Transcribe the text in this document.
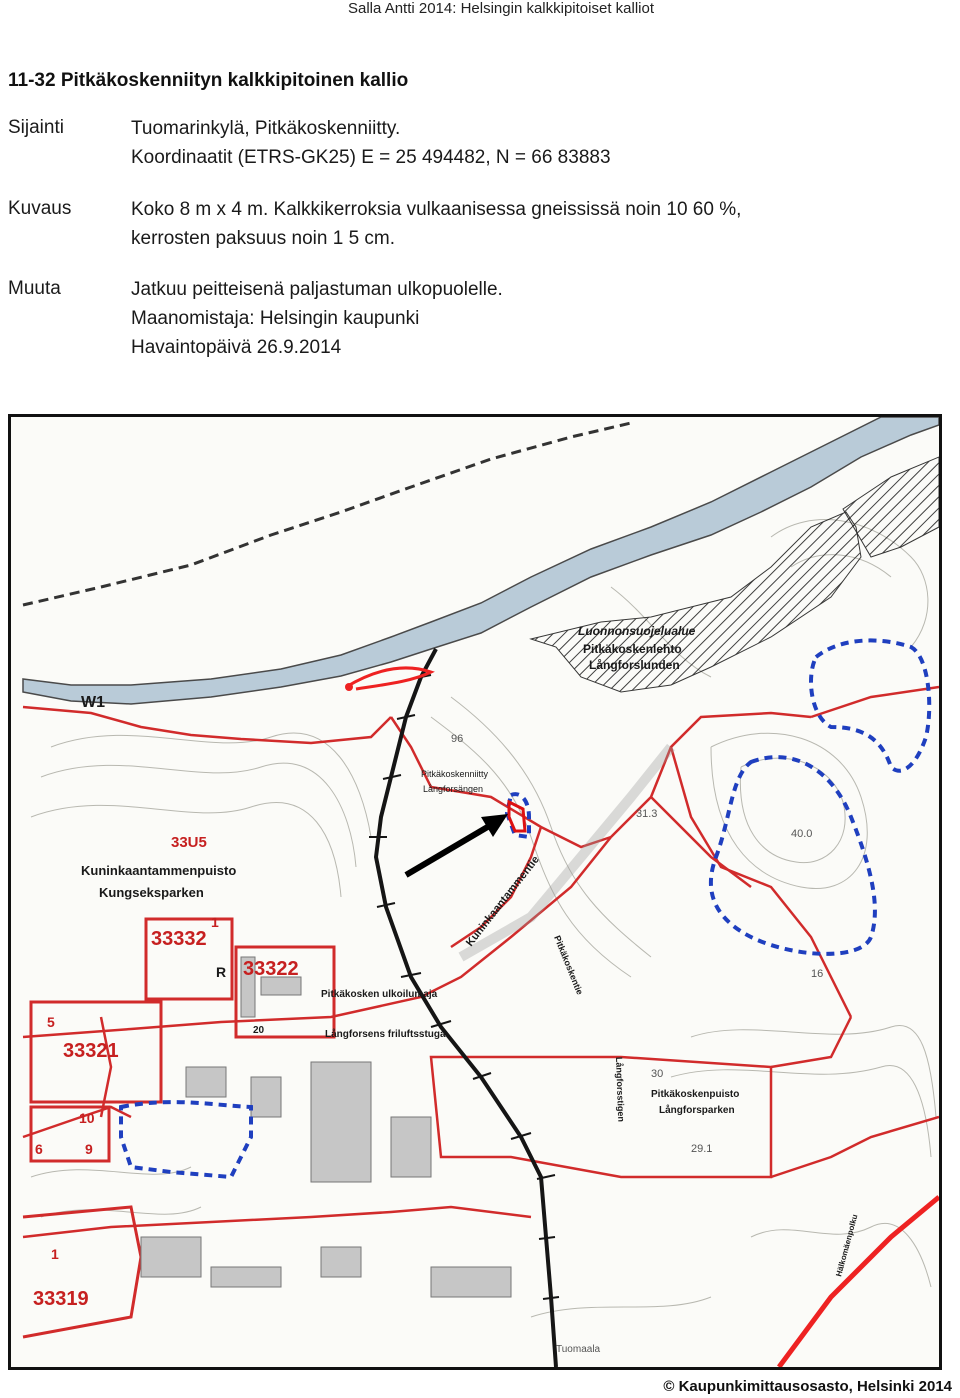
Salla Antti 2014: Helsingin kalkkipitoiset kalliot
11-32 Pitkäkoskenniityn kalkkipitoinen kallio
Sijainti	Tuomarinkylä, Pitkäkoskenniitty.
Koordinaatit (ETRS-GK25) E = 25 494482, N = 66 83883
Kuvaus	Koko 8 m x 4 m. Kalkkikerroksia vulkaanisessa gneississä noin 10 60 %,
kerrosten paksuus noin 1 5 cm.
Muuta	Jatkuu peitteisenä paljastuman ulkopuolelle.
Maanomistaja: Helsingin kaupunki
Havaintopäivä 26.9.2014
W1
Luonnonsuojelualue
Pitkäkoskenlehto
Långforslunden
Pitkäkoskenniitty
Långforsängen
33U5
Kuninkaantammenpuisto
Kungseksparken
33332
33322
33321
33319
Pitkäkosken ulkoilumaja
Långforsens friluftsstuga
Kuninkaantammentie
Pitkäkoskentie
Långforsstigen Pitkäkoskenpuisto
Långforsparken
Hälkomäenpolku
96
31.3
40.0
30
29.1
16
Tuomaala
1
1
5
6	9
10
R
20
© Kaupunkimittausosasto, Helsinki 2014
